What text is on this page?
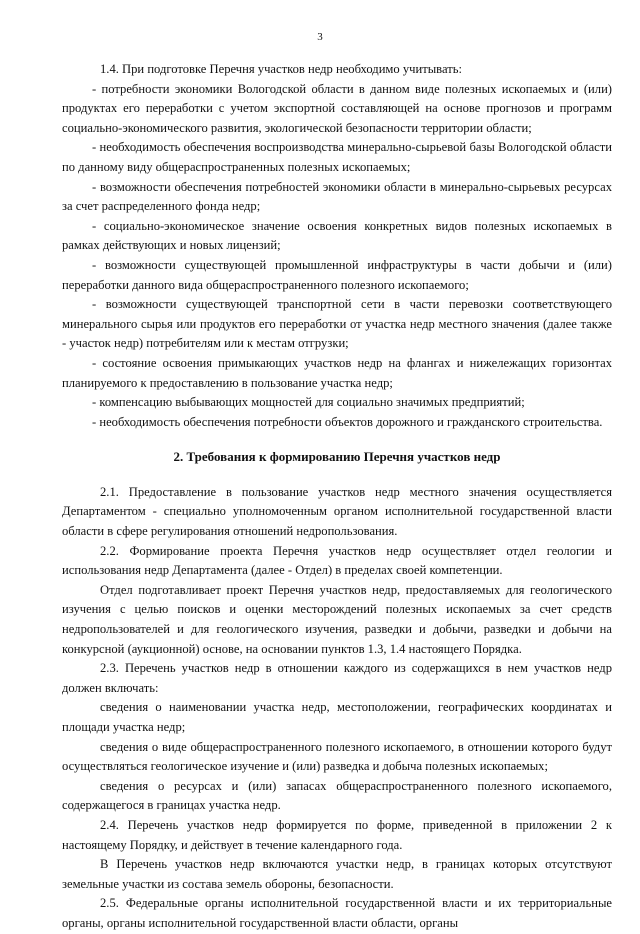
3

1.4. При подготовке Перечня участков недр необходимо учитывать:

- потребности экономики Вологодской области в данном виде полезных ископаемых и (или) продуктах его переработки с учетом экспортной составляющей на основе прогнозов и программ социально-экономического развития, экологической безопасности территории области;

- необходимость обеспечения воспроизводства минерально-сырьевой базы Вологодской области по данному виду общераспространенных полезных ископаемых;

- возможности обеспечения потребностей экономики области в минерально-сырьевых ресурсах за счет распределенного фонда недр;

- социально-экономическое значение освоения конкретных видов полезных ископаемых в рамках действующих и новых лицензий;

- возможности существующей промышленной инфраструктуры в части добычи и (или) переработки данного вида общераспространенного полезного ископаемого;

- возможности существующей транспортной сети в части перевозки соответствующего минерального сырья или продуктов его переработки от участка недр местного значения (далее также - участок недр) потребителям или к местам отгрузки;

- состояние освоения примыкающих участков недр на флангах и нижележащих горизонтах планируемого к предоставлению в пользование участка недр;

- компенсацию выбывающих мощностей для социально значимых предприятий;

- необходимость обеспечения потребности объектов дорожного и гражданского строительства.

2. Требования к формированию Перечня участков недр

2.1. Предоставление в пользование участков недр местного значения осуществляется Департаментом - специально уполномоченным органом исполнительной государственной власти области в сфере регулирования отношений недропользования.

2.2. Формирование проекта Перечня участков недр осуществляет отдел геологии и использования недр Департамента (далее - Отдел) в пределах своей компетенции.

Отдел подготавливает проект Перечня участков недр, предоставляемых для геологического изучения с целью поисков и оценки месторождений полезных ископаемых за счет средств недропользователей и для геологического изучения, разведки и добычи, разведки и добычи на конкурсной (аукционной) основе, на основании пунктов 1.3, 1.4 настоящего Порядка.

2.3. Перечень участков недр в отношении каждого из содержащихся в нем участков недр должен включать:

сведения о наименовании участка недр, местоположении, географических координатах и площади участка недр;

сведения о виде общераспространенного полезного ископаемого, в отношении которого будут осуществляться геологическое изучение и (или) разведка и добыча полезных ископаемых;

сведения о ресурсах и (или) запасах общераспространенного полезного ископаемого, содержащегося в границах участка недр.

2.4. Перечень участков недр формируется по форме, приведенной в приложении 2 к настоящему Порядку, и действует в течение календарного года.

В Перечень участков недр включаются участки недр, в границах которых отсутствуют земельные участки из состава земель обороны, безопасности.

2.5. Федеральные органы исполнительной государственной власти и их территориальные органы, органы исполнительной государственной власти области, органы
